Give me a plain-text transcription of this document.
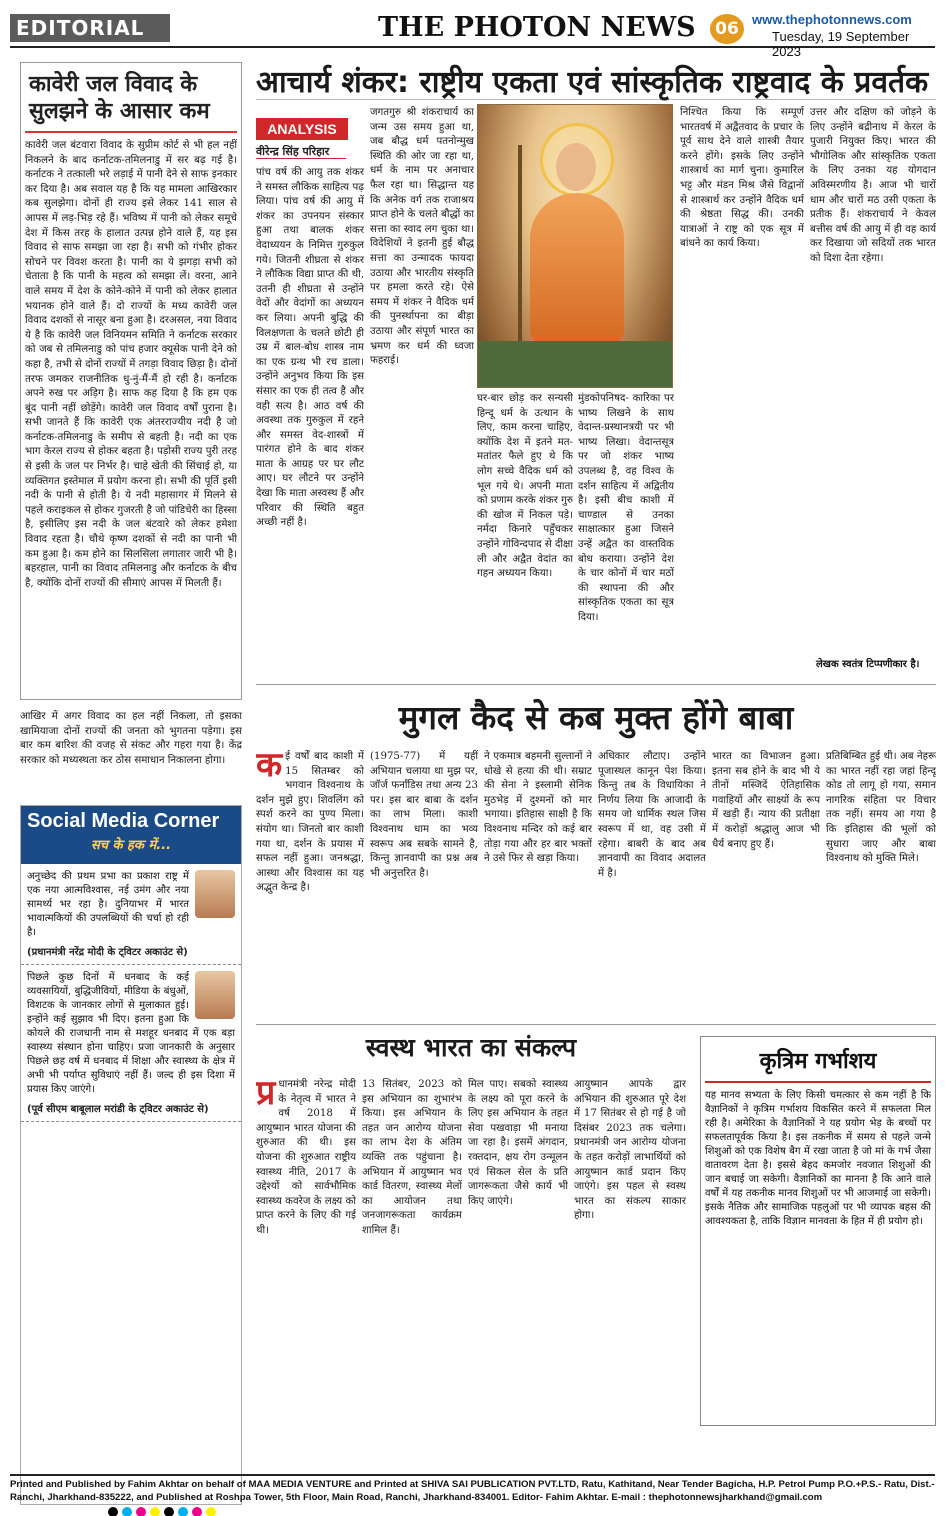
EDITORIAL	THE PHOTON NEWS	06	www.thephotonnews.com
Tuesday, 19 September 2023
कावेरी जल विवाद के सुलझने के आसार कम
कावेरी जल बंटवारा विवाद के सुप्रीम कोर्ट से भी हल नहीं निकलने के बाद कर्नाटक-तमिलनाडु में सर बढ़ गई है। कर्नाटक ने तत्काली भरे लड़ाई में पानी देने से साफ इनकार कर दिया है। अब सवाल यह है कि यह मामला आखिरकार कब सुलझेगा। दोनों ही राज्य इसे लेकर 141 साल से आपस में लड़-भिड़ रहे हैं। भविष्य में पानी को लेकर समूचे देश में किस तरह के हालात उत्पन्न होने वाले हैं, यह इस विवाद से साफ समझा जा रहा है। सभी को गंभीर होकर सोचने पर विवश करता है। पानी का ये झगड़ा सभी को चेताता है कि पानी के महत्व को समझा लें। वरना, आने वाले समय में देश के कोने-कोने में पानी को लेकर हालात भयानक होने वाले हैं। दो राज्यों के मध्य कावेरी जल विवाद दशकों से नासूर बना हुआ है। दरअसल, नया विवाद ये है कि कावेरी जल विनियमन समिति ने कर्नाटक सरकार को जब से तमिलनाडु को पांच हजार क्यूसेक पानी देने को कहा है, तभी से दोनों राज्यों में तगड़ा विवाद छिड़ा है। दोनों तरफ जमकर राजनीतिक धु-नुं-मैं-मैं हो रही है। कर्नाटक अपने रुख पर अड़िग है। साफ कह दिया है कि हम एक बूंद पानी नहीं छोड़ेंगे। कावेरी जल विवाद वर्षों पुराना है। सभी जानते हैं कि कावेरी एक अंतरराज्यीय नदी है जो कर्नाटक-तमिलनाडु के समीप से बहती है। नदी का एक भाग केरल राज्य से होकर बहता है। पड़ोसी राज्य पुरी तरह से इसी के जल पर निर्भर है। चाहे खेती की सिंचाई हो, या व्यक्तिगत इस्तेमाल में प्रयोग करना हो। सभी की पूर्ति इसी नदी के पानी से होती है। ये नदी महासागर में मिलने से पहले कराइकल से होकर गुजरती है जो पांडिचेरी का हिस्सा है, इसीलिए इस नदी के जल बंटवारे को लेकर हमेशा विवाद रहता है। चौथे कृष्ण दशकों से नदी का पानी भी कम हुआ है। कम होने का सिलसिला लगातार जारी भी है। बहरहाल, पानी का विवाद तमिलनाडु और कर्नाटक के बीच है, क्योंकि दोनों राज्यों की सीमाएं आपस में मिलती हैं।
आखिर में अगर विवाद का हल नहीं निकला, तो इसका खामियाजा दोनों राज्यों की जनता को भुगतना पड़ेगा। इस बार कम बारिश की वजह से संकट और गहरा गया है। केंद्र सरकार को मध्यस्थता कर ठोस समाधान निकालना होगा।
Social Media Corner
सच के हक में...
अनुच्छेद की प्रथम प्रभा का प्रकाश राष्ट्र में एक नया आत्मविश्वास, नई उमंग और नया सामर्थ्य भर रहा है। दुनियाभर में भारत भावात्मकियों की उपलब्धियों की चर्चा हो रही है।
(प्रधानमंत्री नरेंद्र मोदी के ट्विटर अकाउंट से)
पिछले कुछ दिनों में धनबाद के कई व्यवसायियों, बुद्धिजीवियों, मीडिया के बंधुओं, विशटक के जानकार लोगों से मुलाकात हुई। इन्होंने कई सुझाव भी दिए। इतना हुआ कि कोयले की राजधानी नाम से मशहूर धनबाद में एक बड़ा स्वास्थ्य संस्थान होना चाहिए। प्रजा जानकारी के अनुसार पिछले छह वर्ष में धनबाद में शिक्षा और स्वास्थ्य के क्षेत्र में अभी भी पर्याप्त सुविधाएं नहीं हैं। जल्द ही इस दिशा में प्रयास किए जाएंगे।
(पूर्व सीएम बाबूलाल मरांडी के ट्विटर अकाउंट से)
आचार्य शंकर: राष्ट्रीय एकता एवं सांस्कृतिक राष्ट्रवाद के प्रवर्तक
ANALYSIS
वीरेन्द्र सिंह परिहार
पांच वर्ष की आयु तक शंकर ने समस्त लौकिक साहित्य पढ़ लिया। पांच वर्ष की आयु में शंकर का उपनयन संस्कार हुआ तथा बालक शंकर वेदाध्ययन के निमित्त गुरुकुल गये। जितनी शीघ्रता से शंकर ने लौकिक विद्या प्राप्त की थी, उतनी ही शीघ्रता से उन्होंने वेदों और वेदांगों का अध्ययन कर लिया। अपनी बुद्धि की विलक्षणता के चलते छोटी ही उम्र में बाल-बोध शास्त्र नाम का एक ग्रन्थ भी रच डाला। उन्होंने अनुभव किया कि इस संसार का एक ही तत्व है और वही सत्य है। आठ वर्ष की अवस्था तक गुरुकुल में रहने और समस्त वेद-शास्त्रों में पारंगत होने के बाद शंकर माता के आग्रह पर घर लौट आए। घर लौटने पर उन्होंने देखा कि माता अस्वस्थ हैं और परिवार की स्थिति बहुत अच्छी नहीं है।
जगतगुरु श्री शंकराचार्य का जन्म उस समय हुआ था, जब बौद्ध धर्म पतनोन्मुख स्थिति की ओर जा रहा था, धर्म के नाम पर अनाचार फैल रहा था। सिद्धान्त यह कि अनेक वर्ग तक राजाश्रय प्राप्त होने के चलते बौद्धों का सत्ता का स्वाद लग चुका था। विदेशियों ने इतनी हुई बौद्ध सत्ता का उन्मादक फायदा उठाया और भारतीय संस्कृति पर हमला करते रहे। ऐसे समय में शंकर ने वैदिक धर्म की पुनर्स्थापना का बीड़ा उठाया और संपूर्ण भारत का भ्रमण कर धर्म की ध्वजा फहराई।
घर-बार छोड़ कर सन्यसी हिन्दू धर्म के उत्थान के लिए, काम करना चाहिए, क्योंकि देश में इतने मत-मतांतर फैले हुए थे कि लोग सच्चे वैदिक धर्म को भूल गये थे। अपनी माता को प्रणाम करके शंकर गुरु की खोज में निकल पड़े। नर्मदा किनारे पहुँचकर उन्होंने गोविन्दपाद से दीक्षा ली और अद्वैत वेदांत का गहन अध्ययन किया।
मुंडकोपनिषद- कारिका पर भाष्य लिखने के साथ वेदान्त-प्रस्थानत्रयी पर भी भाष्य लिखा। वेदान्तसूत्र पर जो शंकर भाष्य उपलब्ध है, वह विश्व के दर्शन साहित्य में अद्वितीय है। इसी बीच काशी में चाण्डाल से उनका साक्षात्कार हुआ जिसने उन्हें अद्वैत का वास्तविक बोध कराया। उन्होंने देश के चार कोनों में चार मठों की स्थापना की और सांस्कृतिक एकता का सूत्र दिया।
निश्चित किया कि सम्पूर्ण भारतवर्ष में अद्वैतवाद के प्रचार के पूर्व साथ देने वाले शास्त्री तैयार करने होंगे। इसके लिए उन्होंने शास्त्रार्थ का मार्ग चुना। कुमारिल भट्ट और मंडन मिश्र जैसे विद्वानों से शास्त्रार्थ कर उन्होंने वैदिक धर्म की श्रेष्ठता सिद्ध की। उनकी यात्राओं ने राष्ट्र को एक सूत्र में बांधने का कार्य किया।
उत्तर और दक्षिण को जोड़ने के लिए उन्होंने बद्रीनाथ में केरल के पुजारी नियुक्त किए। भारत की भौगोलिक और सांस्कृतिक एकता के लिए उनका यह योगदान अविस्मरणीय है। आज भी चारों धाम और चारों मठ उसी एकता के प्रतीक हैं। शंकराचार्य ने केवल बत्तीस वर्ष की आयु में ही वह कार्य कर दिखाया जो सदियों तक भारत को दिशा देता रहेगा।
लेखक स्वतंत्र टिप्पणीकार है।
मुगल कैद से कब मुक्त होंगे बाबा
कई वर्षों बाद काशी में 15 सितम्बर को भगवान विश्वनाथ के दर्शन मुझे हुए। शिवलिंग को स्पर्श करने का पुण्य मिला। संयोग था। जिनतो बार काशी गया था, दर्शन के प्रयास में सफल नहीं हुआ। जनश्रद्धा, आस्था और विश्वास का यह अद्भुत केन्द्र है।
(1975-77) में यहीं अभियान चलाया था मुझ पर, जॉर्ज फर्नांडिस तथा अन्य 23 पर। इस बार बाबा के दर्शन का लाभ मिला। काशी विश्वनाथ धाम का भव्य स्वरूप अब सबके सामने है, किन्तु ज्ञानवापी का प्रश्न अब भी अनुत्तरित है।
ने एकमात्र बहमनी सुल्तानों ने धोखे से हत्या की थी। सम्राट की सेना ने इस्लामी सेनिक मुठभेड़ में दुश्मनों को मार भगाया। इतिहास साक्षी है कि विश्वनाथ मन्दिर को कई बार तोड़ा गया और हर बार भक्तों ने उसे फिर से खड़ा किया।
अधिकार लौटाए। उन्होंने पूजास्थल कानून पेश किया। किन्तु तब के विधायिका ने निर्णय लिया कि आजादी के समय जो धार्मिक स्थल जिस स्वरूप में था, वह उसी में रहेगा। बाबरी के बाद अब ज्ञानवापी का विवाद अदालत में है।
भारत का विभाजन हुआ। इतना सब होने के बाद भी ये तीनों मस्जिदें ऐतिहासिक गवाहियों और साक्ष्यों के रूप में खड़ी हैं। न्याय की प्रतीक्षा में करोड़ों श्रद्धालु आज भी धैर्य बनाए हुए हैं।
प्रतिबिम्बित हुई थी। अब नेहरू का भारत नहीं रहा जहां हिन्दू कोड तो लागू हो गया, समान नागरिक संहिता पर विचार तक नहीं। समय आ गया है कि इतिहास की भूलों को सुधारा जाए और बाबा विश्वनाथ को मुक्ति मिले।
स्वस्थ भारत का संकल्प
प्र धानमंत्री नरेन्द्र मोदी के नेतृत्व में भारत ने वर्ष 2018 में आयुष्मान भारत योजना की शुरुआत की थी। इस योजना की शुरुआत राष्ट्रीय स्वास्थ्य नीति, 2017 के उद्देश्यों को सार्वभौमिक स्वास्थ्य कवरेज के लक्ष्य को प्राप्त करने के लिए की गई थी।
13 सितंबर, 2023 को इस अभियान का शुभारंभ किया। इस अभियान के तहत जन आरोग्य योजना का लाभ देश के अंतिम व्यक्ति तक पहुंचाना है। अभियान में आयुष्मान भव कार्ड वितरण, स्वास्थ्य मेलों का आयोजन तथा जनजागरूकता कार्यक्रम शामिल हैं।
मिल पाए। सबको स्वास्थ्य के लक्ष्य को पूरा करने के लिए इस अभियान के तहत सेवा पखवाड़ा भी मनाया जा रहा है। इसमें अंगदान, रक्तदान, क्षय रोग उन्मूलन एवं सिकल सेल के प्रति जागरूकता जैसे कार्य भी किए जाएंगे।
आयुष्मान आपके द्वार अभियान की शुरुआत पूरे देश में 17 सितंबर से हो गई है जो दिसंबर 2023 तक चलेगा। प्रधानमंत्री जन आरोग्य योजना के तहत करोड़ों लाभार्थियों को आयुष्मान कार्ड प्रदान किए जाएंगे। इस पहल से स्वस्थ भारत का संकल्प साकार होगा।
कृत्रिम गर्भाशय
यह मानव सभ्यता के लिए किसी चमत्कार से कम नहीं है कि वैज्ञानिकों ने कृत्रिम गर्भाशय विकसित करने में सफलता मिल रही है। अमेरिका के वैज्ञानिकों ने यह प्रयोग भेड़ के बच्चों पर सफलतापूर्वक किया है। इस तकनीक में समय से पहले जन्मे शिशुओं को एक विशेष बैग में रखा जाता है जो मां के गर्भ जैसा वातावरण देता है। इससे बेहद कमजोर नवजात शिशुओं की जान बचाई जा सकेगी। वैज्ञानिकों का मानना है कि आने वाले वर्षों में यह तकनीक मानव शिशुओं पर भी आजमाई जा सकेगी। इसके नैतिक और सामाजिक पहलुओं पर भी व्यापक बहस की आवश्यकता है, ताकि विज्ञान मानवता के हित में ही प्रयोग हो।
Printed and Published by Fahim Akhtar on behalf of MAA MEDIA VENTURE and Printed at SHIVA SAI PUBLICATION PVT.LTD, Ratu, Kathitand, Near Tender Bagicha, H.P. Petrol Pump P.O.+P.S.- Ratu, Dist.-Ranchi, Jharkhand-835222, and Published at Roshpa Tower, 5th Floor, Main Road, Ranchi, Jharkhand-834001. Editor- Fahim Akhtar. E-mail : thephotonnewsjharkhand@gmail.com
